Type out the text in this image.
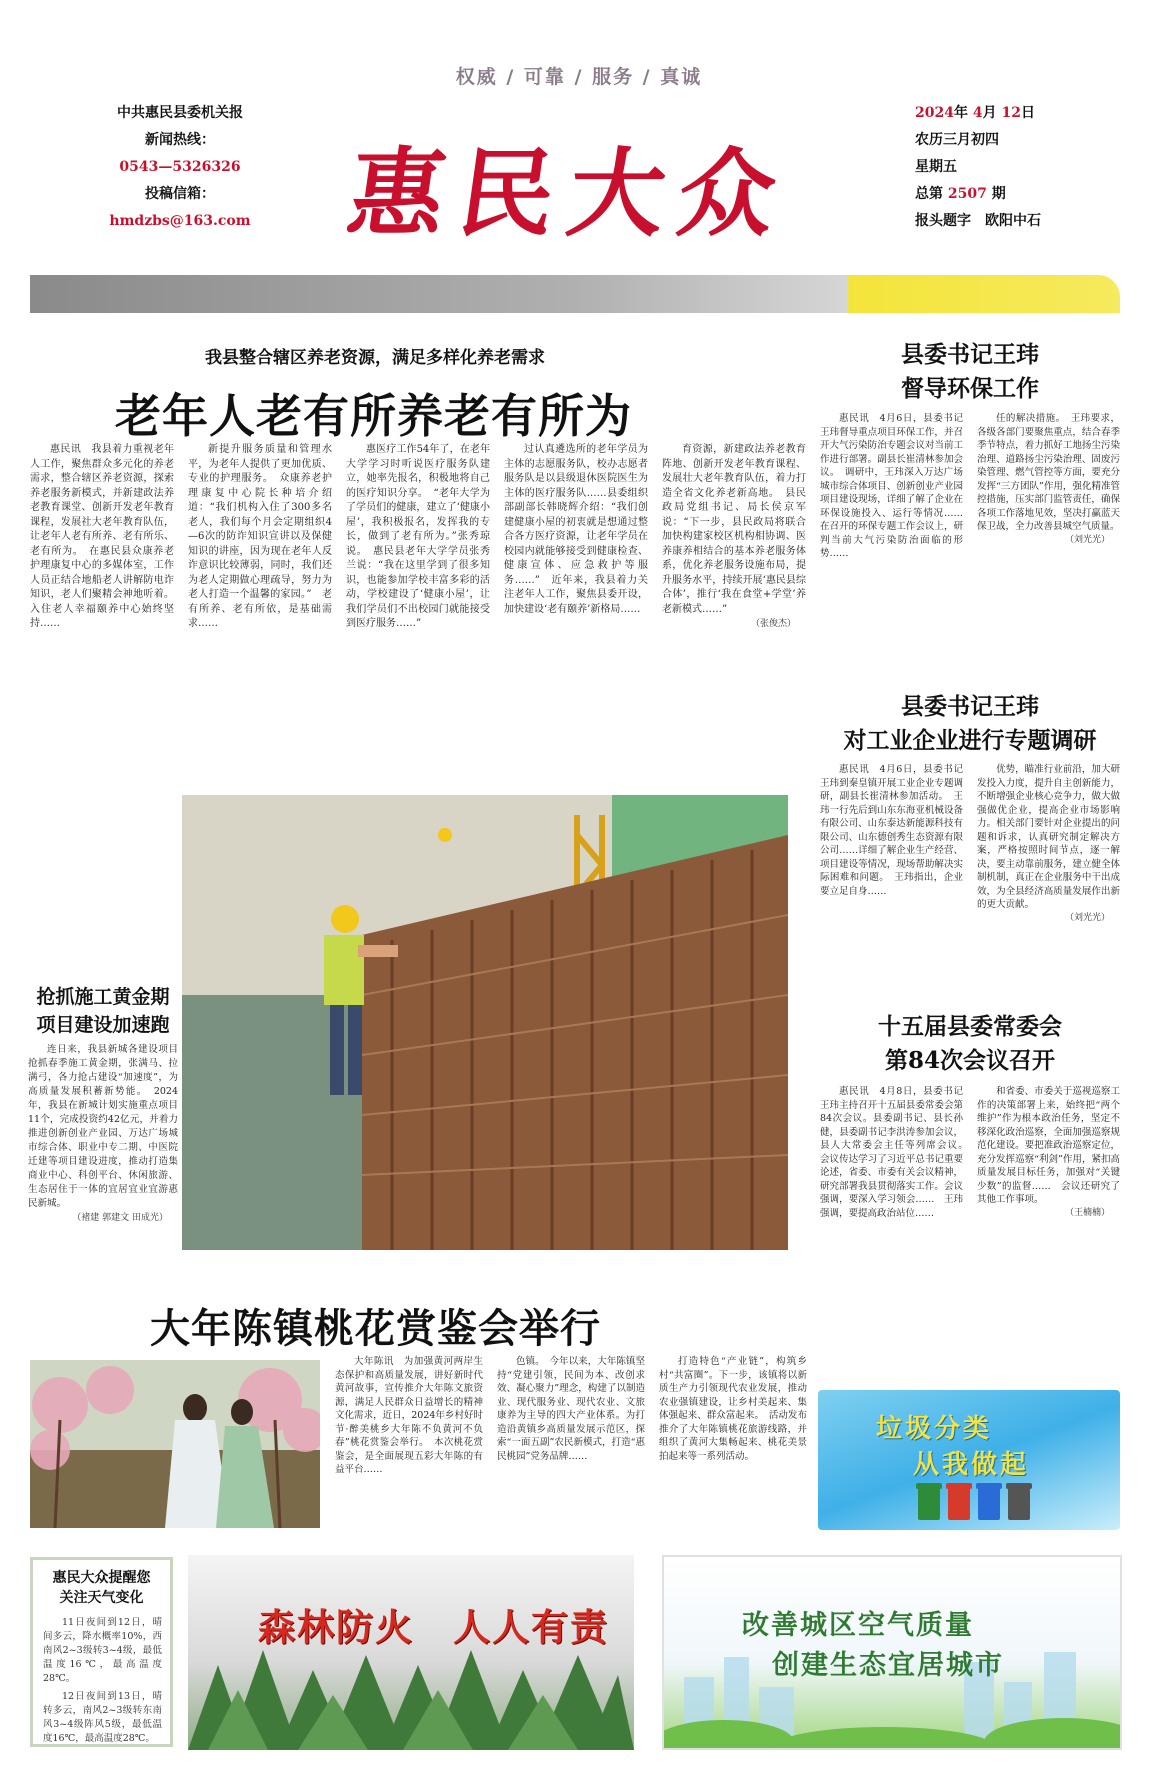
权威 / 可靠 / 服务 / 真诚
中共惠民县委机关报
新闻热线：
0543—5326326
投稿信箱：
hmdzbs@163.com 惠民大众
2024年 4月 12日
农历三月初四
星期五
总第 2507 期
报头题字　欧阳中石
我县整合辖区养老资源，满足多样化养老需求
老年人老有所养老有所为

惠民讯　我县着力重视老年人工作，聚焦群众多元化的养老需求，整合辖区养老资源，探索养老服务新模式，并新建政法养老教育课堂、创新开发老年教育课程，发展社大老年教育队伍，让老年人老有所养、老有所乐、老有所为。　在惠民县众康养老护理康复中心的多媒体室，工作人员正结合地船老人讲解防电诈知识，老人们聚精会神地听着。入住老人幸福颐养中心始终坚持……

新提升服务质量和管理水平，为老年人提供了更加优质、专业的护理服务。　众康养老护理康复中心院长种培介绍道：“我们机构入住了300多名老人，我们每个月会定期组织4—6次的防诈知识宣讲以及保健知识的讲座，因为现在老年人反诈意识比较薄弱，同时，我们还为老人定期做心理疏导，努力为老人打造一个温馨的家园。”　老有所养、老有所依，是基础需求……

惠医疗工作54年了，在老年大学学习时听说医疗服务队建立，她率先报名，积极地将自己的医疗知识分享。　“老年大学为了学员们的健康，建立了‘健康小屋’，我积极报名，发挥我的专长，做到了老有所为。”张秀琼说。　惠民县老年大学学员张秀兰说：“我在这里学到了很多知识，也能参加学校丰富多彩的活动，学校建设了‘健康小屋’，让我们学员们不出校园门就能接受到医疗服务……”

过认真遴选所的老年学员为主体的志愿服务队，校办志愿者服务队是以县级退休医院医生为主体的医疗服务队……县委组织部副部长韩晓辉介绍：“我们创建健康小屋的初衷就是想通过整合各方医疗资源，让老年学员在校园内就能够接受到健康检查、健康宣体、应急救护等服务……”　近年来，我县着力关注老年人工作，聚焦县委开设，加快建设‘老有颐养’新格局……

育资源，新建政法养老教育阵地、创新开发老年教育课程、发展壮大老年教育队伍，着力打造全省文化养老新高地。　县民政局党组书记、局长侯京军说：“下一步，县民政局将联合加快构建家校区机构相协调、医养康养相结合的基本养老服务体系，优化养老服务设施布局，提升服务水平，持续开展‘惠民县综合体’，推行‘我在食堂+学堂’养老新模式……”

（张俊杰）
县委书记王玮
督导环保工作

惠民讯　4月6日，县委书记王玮督导重点项目环保工作，并召开大气污染防治专题会议对当前工作进行部署。副县长崔清林参加会议。　调研中，王玮深入万达广场城市综合体项目、创新创业产业园项目建设现场，详细了解了企业在环保设施投入、运行等情况……　在召开的环保专题工作会议上，研判当前大气污染防治面临的形势……

任的解决措施。　王玮要求，各级各部门要聚焦重点，结合春季季节特点，着力抓好工地扬尘污染治理、道路扬尘污染治理、固废污染管理、燃气管控等方面，要充分发挥“三方团队”作用，强化精准管控措施，压实部门监管责任，确保各项工作落地见效，坚决打赢蓝天保卫战，全力改善县城空气质量。

（刘光光）
县委书记王玮
对工业企业进行专题调研

惠民讯　4月6日，县委书记王玮到秦皇镇开展工业企业专题调研，副县长崔清林参加活动。　王玮一行先后到山东东海亚机械设备有限公司、山东泰达新能源科技有限公司、山东德创秀生态资源有限公司……详细了解企业生产经营、项目建设等情况，现场帮助解决实际困难和问题。　王玮指出，企业要立足自身……

优势，瞄准行业前沿，加大研发投入力度，提升自主创新能力，不断增强企业核心竞争力，做大做强做优企业，提高企业市场影响力。相关部门要针对企业提出的问题和诉求，认真研究制定解决方案，严格按照时间节点，逐一解决，要主动靠前服务，建立健全体制机制，真正在企业服务中干出成效，为全县经济高质量发展作出新的更大贡献。

（刘光光）
十五届县委常委会
第84次会议召开

惠民讯　4月8日，县委书记王玮主持召开十五届县委常委会第84次会议。县委副书记、县长孙健，县委副书记李洪涛参加会议，县人大常委会主任等列席会议。　会议传达学习了习近平总书记重要论述，省委、市委有关会议精神，研究部署我县贯彻落实工作。会议强调，要深入学习领会……　王玮强调，要提高政治站位……

和省委、市委关于巡视巡察工作的决策部署上来，始终把“两个维护”作为根本政治任务，坚定不移深化政治巡察，全面加强巡察规范化建设。要把准政治巡察定位，充分发挥巡察“利剑”作用，紧扣高质量发展目标任务，加强对“关键少数”的监督……　会议还研究了其他工作事项。

（王楠楠）
抢抓施工黄金期
项目建设加速跑

连日来，我县新城各建设项目抢抓春季施工黄金期，张满马、拉满弓，各力抢占建设“加速度”，为高质量发展积蓄新势能。　2024年，我县在新城计划实施重点项目11个，完成投资约42亿元，并着力推进创新创业产业园、万达广场城市综合体、职业中专二期、中医院迁建等项目建设进度，推动打造集商业中心、科创平台、休闲旅游、生态居住于一体的宜居宜业宜游惠民新城。

（褚建 郭建文 田成光）
大年陈镇桃花赏鉴会举行

大年陈讯　为加强黄河两岸生态保护和高质量发展，讲好新时代黄河故事，宣传推介大年陈文旅资源，满足人民群众日益增长的精神文化需求，近日，2024年乡村好时节·醉美桃乡大年陈不负黄河不负春”桃花赏鉴会举行。　本次桃花赏鉴会，是全面展现五彩大年陈的有益平台……

色镇。　今年以来，大年陈镇坚持“党建引领，民间为本、改创求效、凝心聚力”理念，构建了以制造业、现代服务业、现代农业、文旅康养为主导的四大产业体系。为打造沿黄镇乡高质量发展示范区，探索“一面五副”农民新模式，打造“惠民桃园”党务品牌……

打造特色“产业链”，构筑乡村“共富圈”。下一步，该镇将以新质生产力引领现代农业发展，推动农业强镇建设，让乡村美起来、集体强起来、群众富起来。　活动发布推介了大年陈镇桃花旅游线路，并组织了黄河大集畅起来、桃花美景拍起来等一系列活动。

垃圾分类
从我做起
惠民大众提醒您
关注天气变化

11日夜间到12日，晴间多云，降水概率10%，西南风2~3级转3~4级，最低温度16℃，最高温度28℃。

12日夜间到13日，晴转多云，南风2~3级转东南风3~4级阵风5级，最低温度16℃，最高温度28℃。

森林防火　人人有责	改善城区空气质量
创建生态宜居城市
